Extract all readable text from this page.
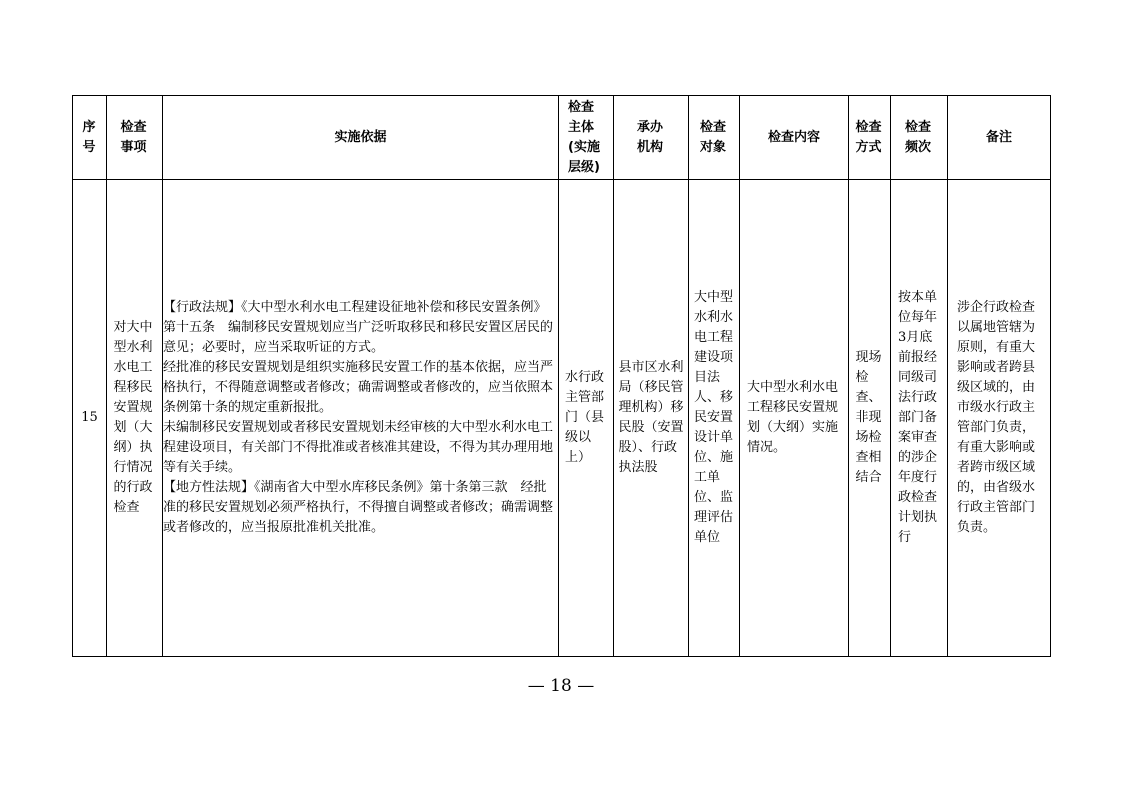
序号	检查事项	实施依据	检查主体(实施层级)	承办机构	检查对象	检查内容	检查方式	检查频次	备注
15	对大中型水利水电工程移民安置规划（大纲）执行情况的行政检查	【行政法规】《大中型水利水电工程建设征地补偿和移民安置条例》第十五条　编制移民安置规划应当广泛听取移民和移民安置区居民的意见；必要时，应当采取听证的方式。

经批准的移民安置规划是组织实施移民安置工作的基本依据，应当严格执行，不得随意调整或者修改；确需调整或者修改的，应当依照本条例第十条的规定重新报批。

未编制移民安置规划或者移民安置规划未经审核的大中型水利水电工程建设项目，有关部门不得批准或者核准其建设，不得为其办理用地等有关手续。

【地方性法规】《湖南省大中型水库移民条例》第十条第三款　经批准的移民安置规划必须严格执行，不得擅自调整或者修改；确需调整或者修改的，应当报原批准机关批准。	水行政主管部门（县级以上）	县市区水利局（移民管理机构）移民股（安置股）、行政执法股	大中型水利水电工程建设项目法人、移民安置设计单位、施工单位、监理评估单位	大中型水利水电工程移民安置规划（大纲）实施情况。	现场检查、非现场检查相结合	按本单位每年3月底前报经同级司法行政部门备案审查的涉企年度行政检查计划执行	涉企行政检查以属地管辖为原则，有重大影响或者跨县级区域的，由市级水行政主管部门负责，有重大影响或者跨市级区域的，由省级水行政主管部门负责。
— 18 —
